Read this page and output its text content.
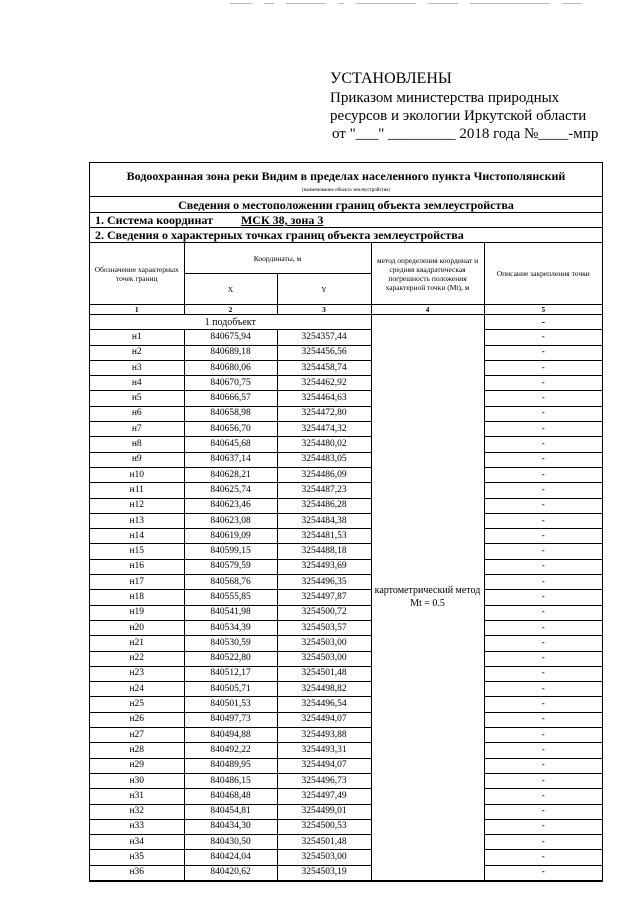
УСТАНОВЛЕНЫ
Приказом министерства природных
ресурсов и экологии Иркутской области
от "___" _________ 2018 года №____-мпр
Водоохранная зона реки Видим в пределах населенного пункта Чистополянский
(наименование объекта землеустройства)
Сведения о местоположении границ объекта землеустройства
1. Система координат МСК 38, зона 3
2. Сведения о характерных точках границ объекта землеустройства
Обозначение характерных точек границ	Координаты, м		метод определения координат и средняя квадратическая погрешность положения характерной точки (Mt), м	Описание закрепления точки
	X	Y		
1	2	3	4	5
1 подобъект			картометрический метод Mt = 0.5	-
н1	840675,94	3254357,44		-
н2	840689,18	3254456,56		-
н3	840680,06	3254458,74		-
н4	840670,75	3254462,92		-
н5	840666,57	3254464,63		-
н6	840658,98	3254472,80		-
н7	840656,70	3254474,32		-
н8	840645,68	3254480,02		-
н9	840637,14	3254483,05		-
н10	840628,21	3254486,09		-
н11	840625,74	3254487,23		-
н12	840623,46	3254486,28		-
н13	840623,08	3254484,38		-
н14	840619,09	3254481,53		-
н15	840599,15	3254488,18		-
н16	840579,59	3254493,69		-
н17	840568,76	3254496,35		-
н18	840555,85	3254497,87		-
н19	840541,98	3254500,72		-
н20	840534,39	3254503,57		-
н21	840530,59	3254503,00		-
н22	840522,80	3254503,00		-
н23	840512,17	3254501,48		-
н24	840505,71	3254498,82		-
н25	840501,53	3254496,54		-
н26	840497,73	3254494,07		-
н27	840494,88	3254493,88		-
н28	840492,22	3254493,31		-
н29	840489,95	3254494,07		-
н30	840486,15	3254496,73		-
н31	840468,48	3254497,49		-
н32	840454,81	3254499,01		-
н33	840434,30	3254500,53		-
н34	840430,50	3254501,48		-
н35	840424,04	3254503,00		-
н36	840420,62	3254503,19		-
